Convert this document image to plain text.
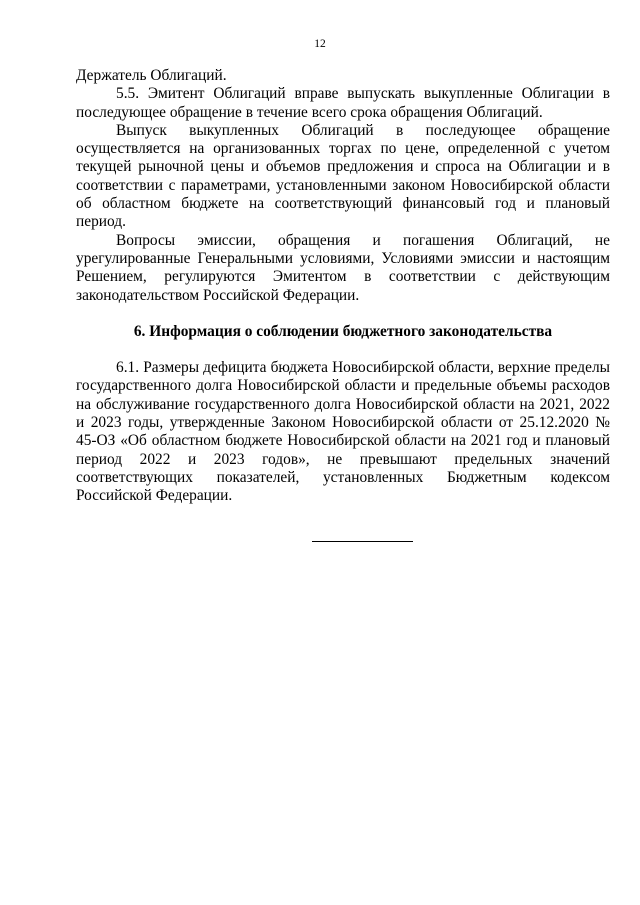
12

Держатель Облигаций.

5.5. Эмитент Облигаций вправе выпускать выкупленные Облигации в последующее обращение в течение всего срока обращения Облигаций.

Выпуск выкупленных Облигаций в последующее обращение осуществляется на организованных торгах по цене, определенной с учетом текущей рыночной цены и объемов предложения и спроса на Облигации и в соответствии с параметрами, установленными законом Новосибирской области об областном бюджете на соответствующий финансовый год и плановый период.

Вопросы эмиссии, обращения и погашения Облигаций, не урегулированные Генеральными условиями, Условиями эмиссии и настоящим Решением, регулируются Эмитентом в соответствии с действующим законодательством Российской Федерации.

6. Информация о соблюдении бюджетного законодательства

6.1. Размеры дефицита бюджета Новосибирской области, верхние пределы государственного долга Новосибирской области и предельные объемы расходов на обслуживание государственного долга Новосибирской области на 2021, 2022 и 2023 годы, утвержденные Законом Новосибирской области от 25.12.2020 № 45-ОЗ «Об областном бюджете Новосибирской области на 2021 год и плановый период 2022 и 2023 годов», не превышают предельных значений соответствующих показателей, установленных Бюджетным кодексом Российской Федерации.
